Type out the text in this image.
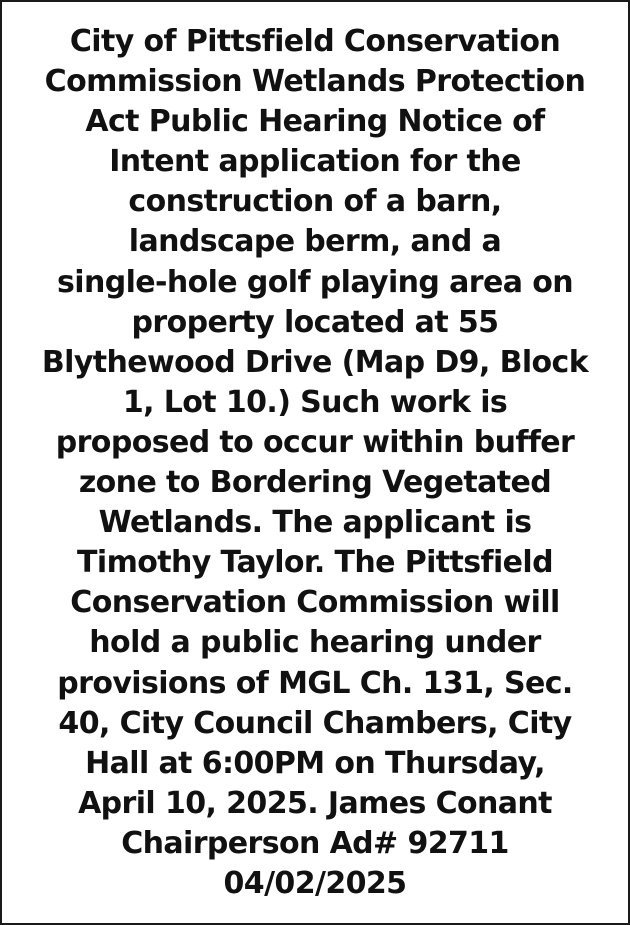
City of Pittsfield Conservation
Commission Wetlands Protection
Act Public Hearing Notice of
Intent application for the
construction of a barn,
landscape berm, and a
single-hole golf playing area on
property located at 55
Blythewood Drive (Map D9, Block
1, Lot 10.) Such work is
proposed to occur within buffer
zone to Bordering Vegetated
Wetlands. The applicant is
Timothy Taylor. The Pittsfield
Conservation Commission will
hold a public hearing under
provisions of MGL Ch. 131, Sec.
40, City Council Chambers, City
Hall at 6:00PM on Thursday,
April 10, 2025. James Conant
Chairperson Ad# 92711
04/02/2025
